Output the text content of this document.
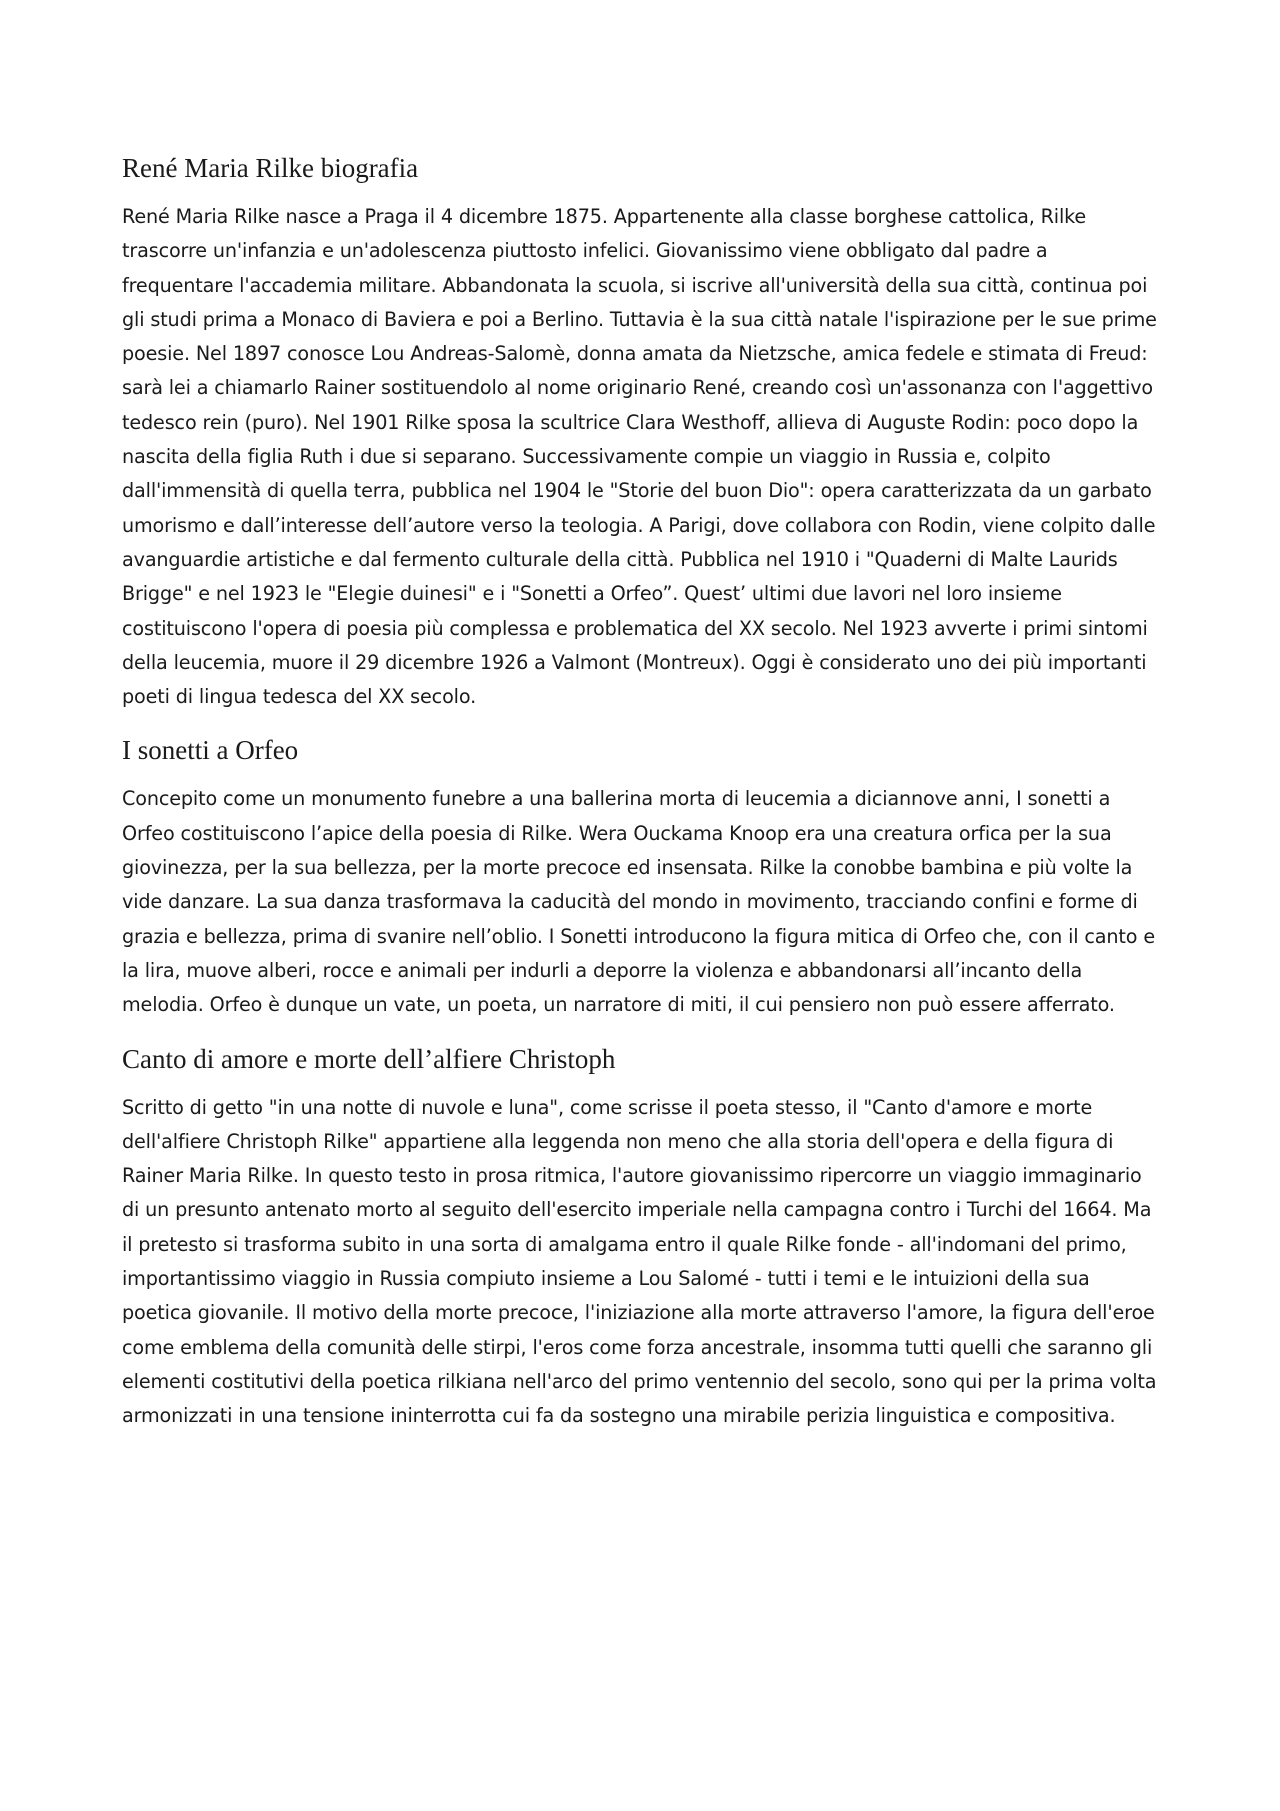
René Maria Rilke biografia

René Maria Rilke nasce a Praga il 4 dicembre 1875. Appartenente alla classe borghese cattolica, Rilke trascorre un'infanzia e un'adolescenza piuttosto infelici. Giovanissimo viene obbligato dal padre a frequentare l'accademia militare. Abbandonata la scuola, si iscrive all'università della sua città, continua poi gli studi prima a Monaco di Baviera e poi a Berlino. Tuttavia è la sua città natale l'ispirazione per le sue prime poesie. Nel 1897 conosce Lou Andreas-Salomè, donna amata da Nietzsche, amica fedele e stimata di Freud: sarà lei a chiamarlo Rainer sostituendolo al nome originario René, creando così un'assonanza con l'aggettivo tedesco rein (puro). Nel 1901 Rilke sposa la scultrice Clara Westhoff, allieva di Auguste Rodin: poco dopo la nascita della figlia Ruth i due si separano. Successivamente compie un viaggio in Russia e, colpito dall'immensità di quella terra, pubblica nel 1904 le "Storie del buon Dio": opera caratterizzata da un garbato umorismo e dall’interesse dell’autore verso la teologia. A Parigi, dove collabora con Rodin, viene colpito dalle avanguardie artistiche e dal fermento culturale della città. Pubblica nel 1910 i "Quaderni di Malte Laurids Brigge" e nel 1923 le "Elegie duinesi" e i "Sonetti a Orfeo”. Quest’ ultimi due lavori nel loro insieme costituiscono l'opera di poesia più complessa e problematica del XX secolo. Nel 1923 avverte i primi sintomi della leucemia, muore il 29 dicembre 1926 a Valmont (Montreux). Oggi è considerato uno dei più importanti poeti di lingua tedesca del XX secolo.

I sonetti a Orfeo

Concepito come un monumento funebre a una ballerina morta di leucemia a diciannove anni, I sonetti a Orfeo costituiscono l’apice della poesia di Rilke. Wera Ouckama Knoop era una creatura orfica per la sua giovinezza, per la sua bellezza, per la morte precoce ed insensata. Rilke la conobbe bambina e più volte la vide danzare. La sua danza trasformava la caducità del mondo in movimento, tracciando confini e forme di grazia e bellezza, prima di svanire nell’oblio. I Sonetti introducono la figura mitica di Orfeo che, con il canto e la lira, muove alberi, rocce e animali per indurli a deporre la violenza e abbandonarsi all’incanto della melodia. Orfeo è dunque un vate, un poeta, un narratore di miti, il cui pensiero non può essere afferrato.

Canto di amore e morte dell’alfiere Christoph

Scritto di getto "in una notte di nuvole e luna", come scrisse il poeta stesso, il "Canto d'amore e morte dell'alfiere Christoph Rilke" appartiene alla leggenda non meno che alla storia dell'opera e della figura di Rainer Maria Rilke. In questo testo in prosa ritmica, l'autore giovanissimo ripercorre un viaggio immaginario di un presunto antenato morto al seguito dell'esercito imperiale nella campagna contro i Turchi del 1664. Ma il pretesto si trasforma subito in una sorta di amalgama entro il quale Rilke fonde - all'indomani del primo, importantissimo viaggio in Russia compiuto insieme a Lou Salomé - tutti i temi e le intuizioni della sua poetica giovanile. Il motivo della morte precoce, l'iniziazione alla morte attraverso l'amore, la figura dell'eroe come emblema della comunità delle stirpi, l'eros come forza ancestrale, insomma tutti quelli che saranno gli elementi costitutivi della poetica rilkiana nell'arco del primo ventennio del secolo, sono qui per la prima volta armonizzati in una tensione ininterrotta cui fa da sostegno una mirabile perizia linguistica e compositiva.
